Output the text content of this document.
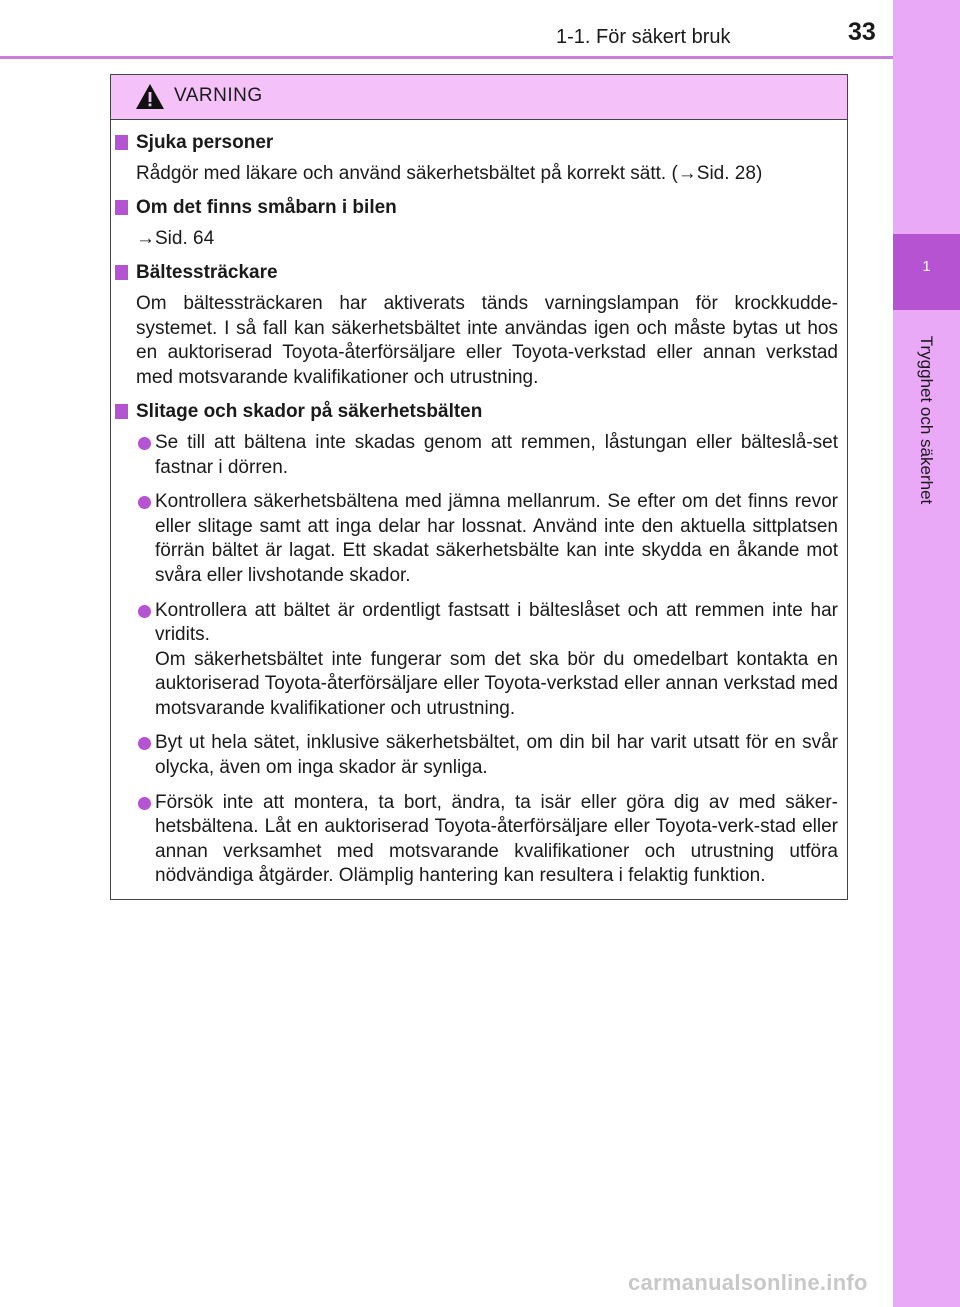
1-1. För säkert bruk	33
1
Trygghet och säkerhet
VARNING
Sjuka personer
Rådgör med läkare och använd säkerhetsbältet på korrekt sätt. (→Sid. 28)
Om det finns småbarn i bilen
→Sid. 64
Bältessträckare
Om bältessträckaren har aktiverats tänds varningslampan för krockkudde-systemet. I så fall kan säkerhetsbältet inte användas igen och måste bytas ut hos en auktoriserad Toyota-återförsäljare eller Toyota-verkstad eller annan verkstad med motsvarande kvalifikationer och utrustning.
Slitage och skador på säkerhetsbälten
Se till att bältena inte skadas genom att remmen, låstungan eller bälteslå-set fastnar i dörren.
Kontrollera säkerhetsbältena med jämna mellanrum. Se efter om det finns revor eller slitage samt att inga delar har lossnat. Använd inte den aktuella sittplatsen förrän bältet är lagat. Ett skadat säkerhetsbälte kan inte skydda en åkande mot svåra eller livshotande skador.
Kontrollera att bältet är ordentligt fastsatt i bälteslåset och att remmen inte har vridits.
Om säkerhetsbältet inte fungerar som det ska bör du omedelbart kontakta en auktoriserad Toyota-återförsäljare eller Toyota-verkstad eller annan verkstad med motsvarande kvalifikationer och utrustning.
Byt ut hela sätet, inklusive säkerhetsbältet, om din bil har varit utsatt för en svår olycka, även om inga skador är synliga.
Försök inte att montera, ta bort, ändra, ta isär eller göra dig av med säker-hetsbältena. Låt en auktoriserad Toyota-återförsäljare eller Toyota-verk-stad eller annan verksamhet med motsvarande kvalifikationer och utrustning utföra nödvändiga åtgärder. Olämplig hantering kan resultera i felaktig funktion.
carmanualsonline.info
